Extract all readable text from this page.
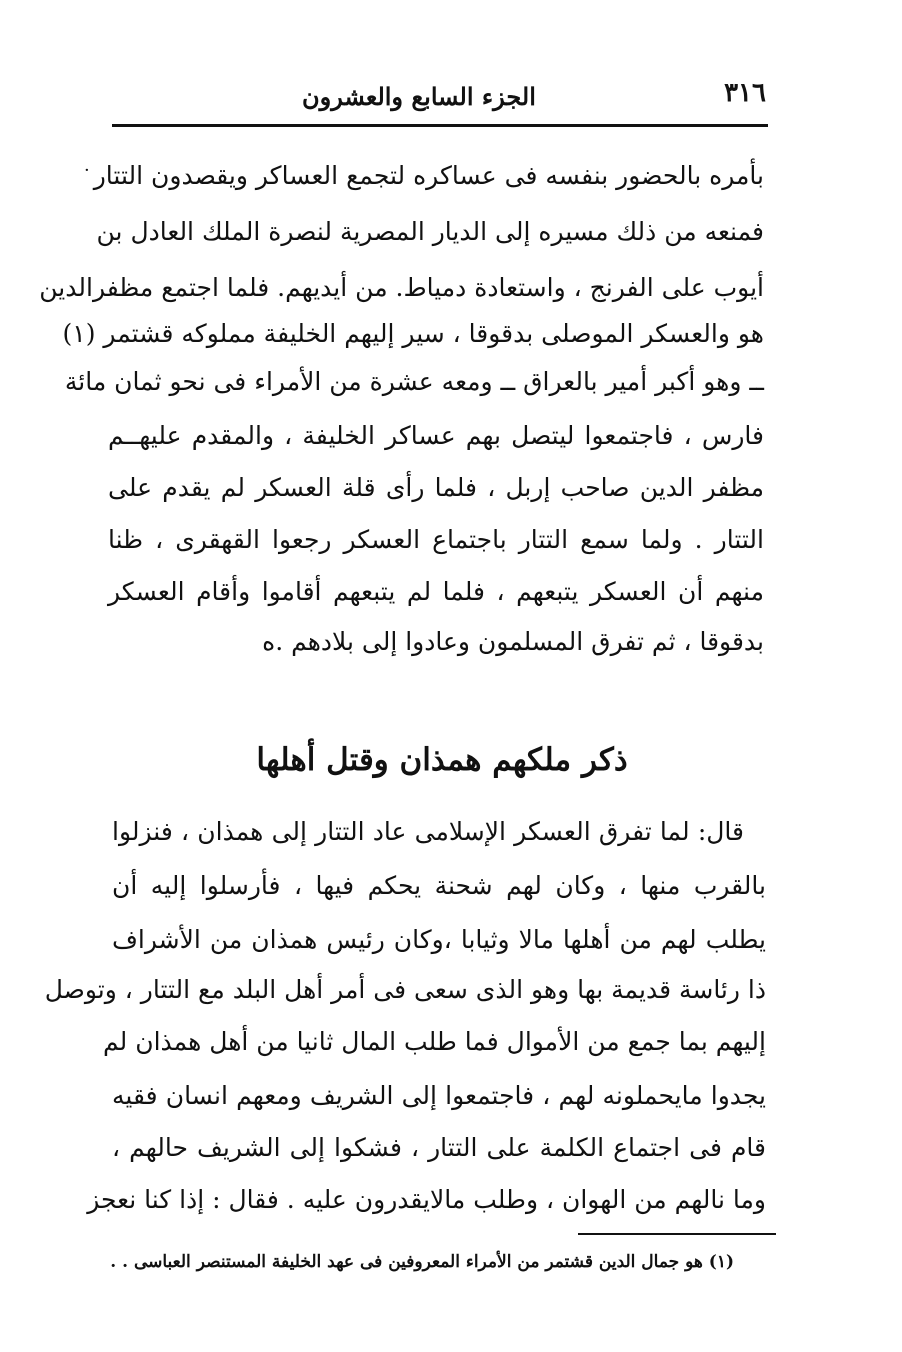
٣١٦
الجزء السابع والعشرون
· بأمره بالحضور بنفسه فى عساكره لتجمع العساكر ويقصدون التتار
فمنعه من ذلك مسيره إلى الديار المصرية لنصرة الملك العادل بن
أيوب على الفرنج ، واستعادة دمياط. من أيديهم. فلما اجتمع مظفرالدين
هو والعسكر الموصلى بدقوقا ، سير إليهم الخليفة مملوكه قشتمر (١)
ــ وهو أكبر أمير بالعراق ــ ومعه عشرة من الأمراء فى نحو ثمان مائة
فارس ، فاجتمعوا ليتصل بهم عساكر الخليفة ، والمقدم عليهــم
مظفر الدين صاحب إربل ، فلما رأى قلة العسكر لم يقدم على
التتار . ولما سمع التتار باجتماع العسكر رجعوا القهقرى ، ظنا
منهم أن العسكر يتبعهم ، فلما لم يتبعهم أقاموا وأقام العسكر
بدقوقا ، ثم تفرق المسلمون وعادوا إلى بلادهم .ه
ذكر ملكهم همذان وقتل أهلها
قال: لما تفرق العسكر الإسلامى عاد التتار إلى همذان ، فنزلوا
بالقرب منها ، وكان لهم شحنة يحكم فيها ، فأرسلوا إليه أن
يطلب لهم من أهلها مالا وثيابا ،وكان رئيس همذان من الأشراف
ذا رئاسة قديمة بها وهو الذى سعى فى أمر أهل البلد مع التتار ، وتوصل
إليهم بما جمع من الأموال فما طلب المال ثانيا من أهل همذان لم
يجدوا مايحملونه لهم ، فاجتمعوا إلى الشريف ومعهم انسان فقيه
قام فى اجتماع الكلمة على التتار ، فشكوا إلى الشريف حالهم ،
وما نالهم من الهوان ، وطلب مالايقدرون عليه . فقال : إذا كنا نعجز
(١) هو جمال الدين قشتمر من الأمراء المعروفين فى عهد الخليفة المستنصر العباسى . .
